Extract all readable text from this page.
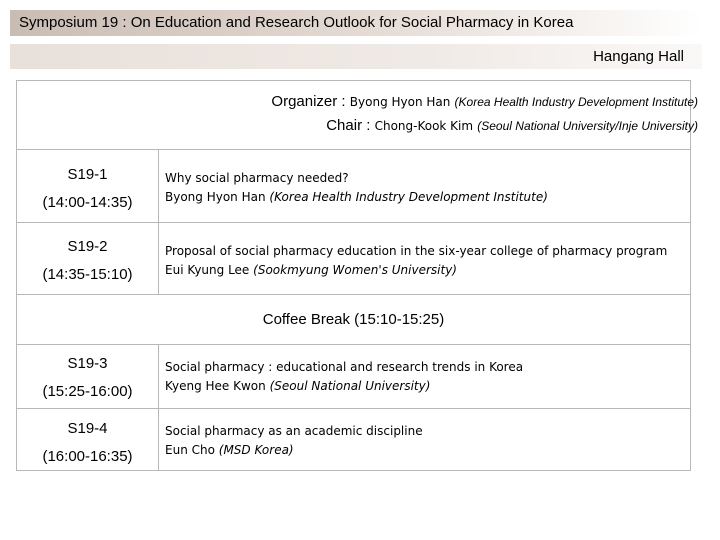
Symposium 19 : On Education and Research Outlook for Social Pharmacy in Korea
Hangang Hall
Organizer : Byong Hyon Han (Korea Health Industry Development Institute)
Chair : Chong-Kook Kim (Seoul National University/Inje University)
S19-1
(14:00-14:35)
Why social pharmacy needed?
Byong Hyon Han (Korea Health Industry Development Institute)
S19-2
(14:35-15:10)
Proposal of social pharmacy education in the six-year college of pharmacy program
Eui Kyung Lee (Sookmyung Women's University)
Coffee Break (15:10-15:25)
S19-3
(15:25-16:00)
Social pharmacy : educational and research trends in Korea
Kyeng Hee Kwon (Seoul National University)
S19-4
(16:00-16:35)
Social pharmacy as an academic discipline
Eun Cho (MSD Korea)
